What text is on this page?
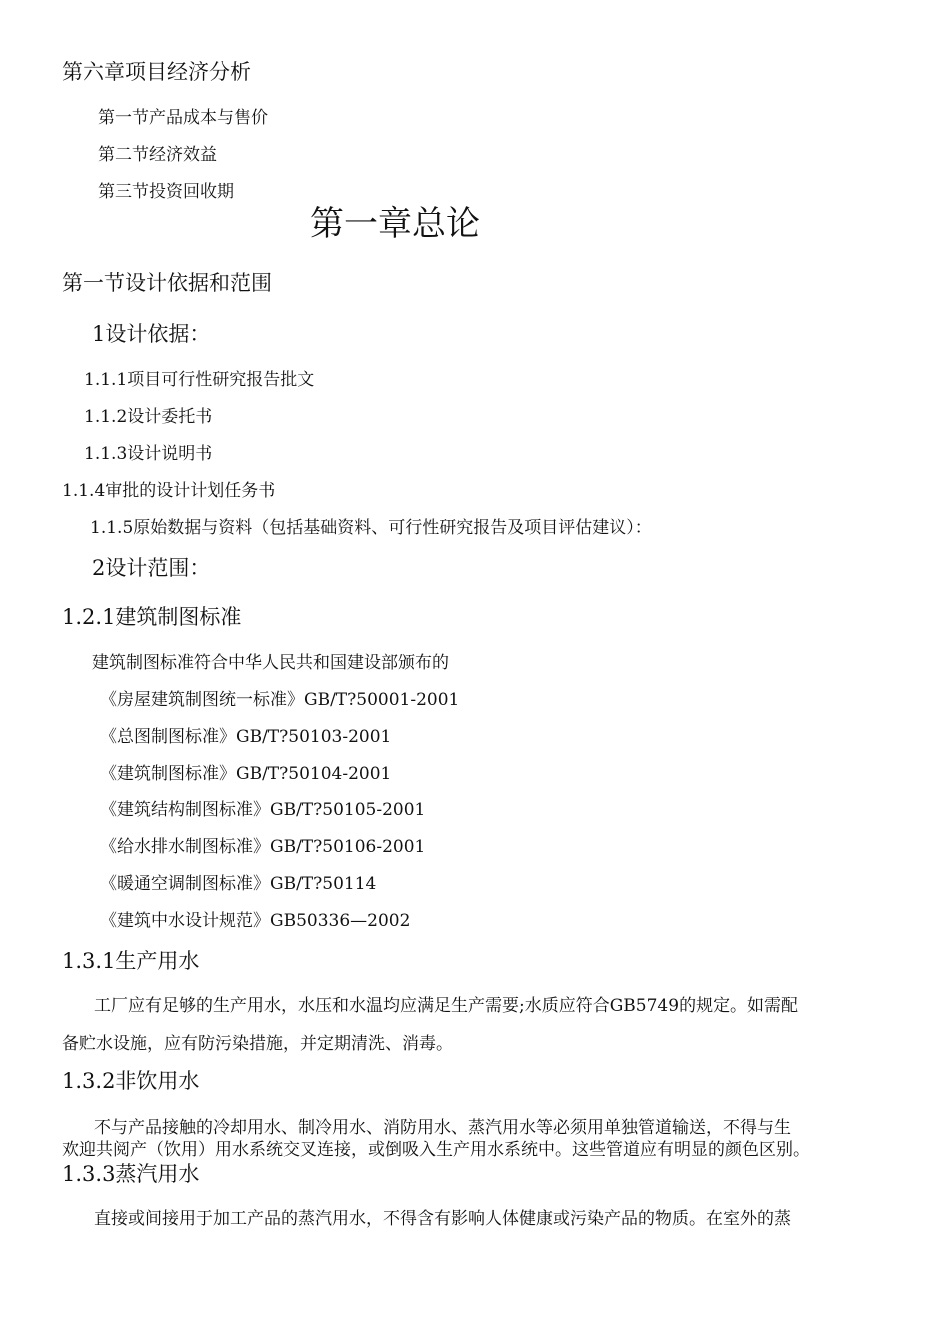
第六章项目经济分析
第一节产品成本与售价
第二节经济效益
第三节投资回收期
第一章总论
第一节设计依据和范围
1设计依据：
1.1.1项目可行性研究报告批文
1.1.2设计委托书
1.1.3设计说明书
1.1.4审批的设计计划任务书
1.1.5原始数据与资料（包括基础资料、可行性研究报告及项目评估建议）：
2设计范围：
1.2.1建筑制图标准
建筑制图标准符合中华人民共和国建设部颁布的
《房屋建筑制图统一标准》GB/T?50001-2001
《总图制图标准》GB/T?50103-2001
《建筑制图标准》GB/T?50104-2001
《建筑结构制图标准》GB/T?50105-2001
《给水排水制图标准》GB/T?50106-2001
《暖通空调制图标准》GB/T?50114
《建筑中水设计规范》GB50336—2002
1.3.1生产用水
工厂应有足够的生产用水，水压和水温均应满足生产需要;水质应符合GB5749的规定。如需配
备贮水设施，应有防污染措施，并定期清洗、消毒。
1.3.2非饮用水
不与产品接触的冷却用水、制冷用水、消防用水、蒸汽用水等必须用单独管道输送，不得与生
欢迎共阅产（饮用）用水系统交叉连接，或倒吸入生产用水系统中。这些管道应有明显的颜色区别。
1.3.3蒸汽用水
直接或间接用于加工产品的蒸汽用水，不得含有影响人体健康或污染产品的物质。在室外的蒸
